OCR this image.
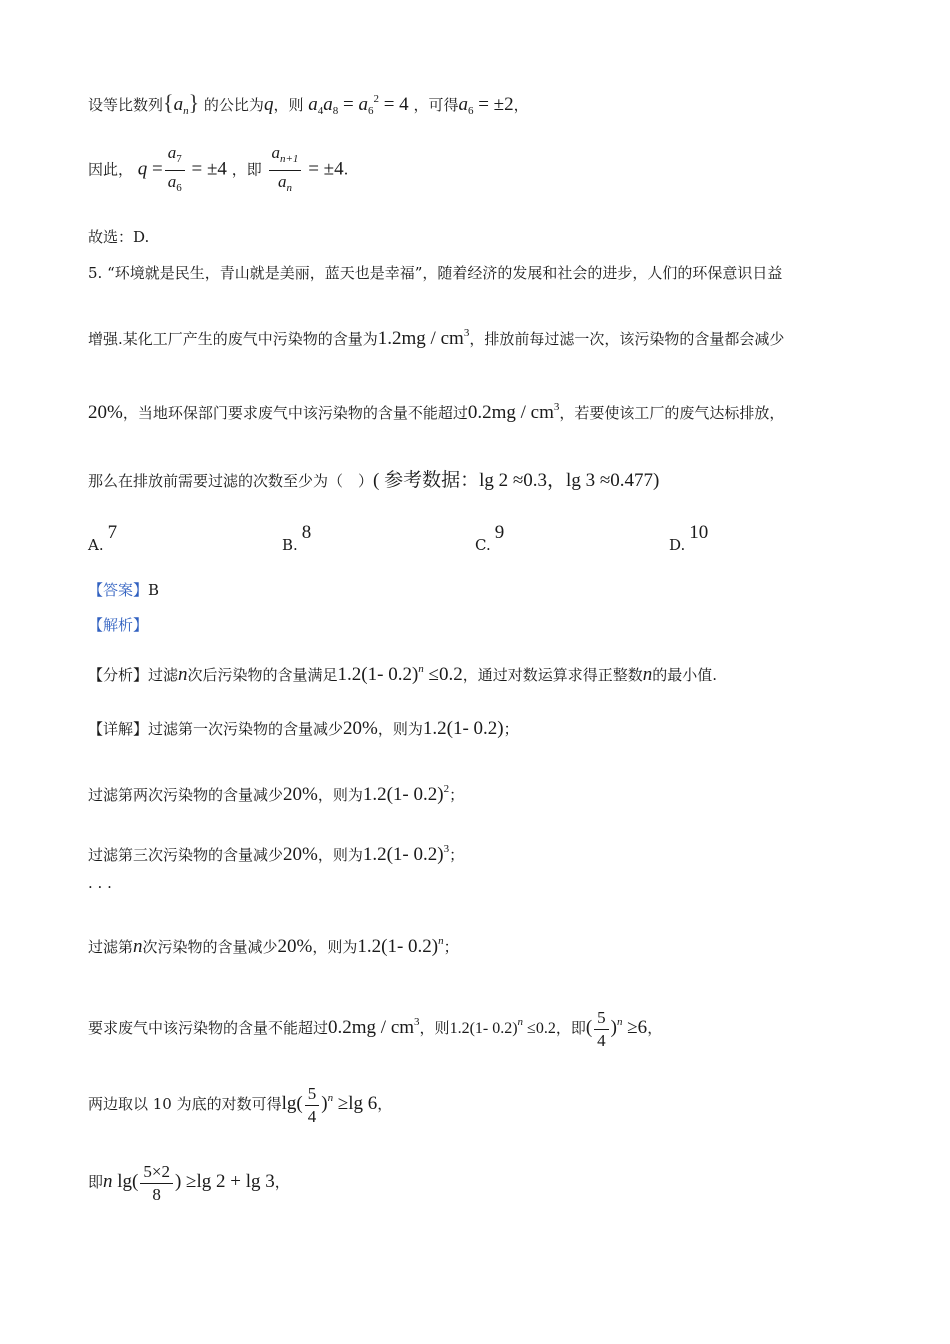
设等比数列$\{a_n\}$ 的公比为q，则 $a_4a_8 = a_6^2 = 4$ ，可得$a_6 = \pm 2$，
因此， $q = \frac{a_7}{a_6} = \pm 4$ ，即 $\frac{a_{n+1}}{a_n} = \pm 4$.
故选：D.
5. “环境就是民生，青山就是美丽，蓝天也是幸福”，随着经济的发展和社会的进步，人们的环保意识日益
增强.某化工厂产生的废气中污染物的含量为$1.2mg / cm^3$，排放前每过滤一次，该污染物的含量都会减少
20%，当地环保部门要求废气中该污染物的含量不能超过$0.2mg / cm^3$，若要使该工厂的废气达标排放，
那么在排放前需要过滤的次数至少为（　）( 参考数据：lg 2 ≈0.3，lg 3 ≈0.477)
A.7
B.8
C.9
D.10
【答案】B
【解析】
【分析】过滤n次后污染物的含量满足1.2(1- 0.2)$^n$ ≤0.2，通过对数运算求得正整数n的最小值.
【详解】过滤第一次污染物的含量减少20%，则为1.2(1- 0.2)；
过滤第两次污染物的含量减少20%，则为1.2(1- 0.2)$^2$；
过滤第三次污染物的含量减少20%，则为1.2(1- 0.2)$^3$；
· · ·
过滤第n次污染物的含量减少20%，则为1.2(1- 0.2)$^n$；
要求废气中该污染物的含量不能超过$0.2mg / cm^3$，则1.2(1- 0.2)$^n$ ≤0.2，即( $\frac{5}{4} )^n \ge 6$，
两边取以 10 为底的对数可得$\lg( \frac{5}{4} )^n \ge\lg$ 6，
即n $\lg( \frac{5\times 2}{8}$ ) ≥lg 2 + lg 3，
